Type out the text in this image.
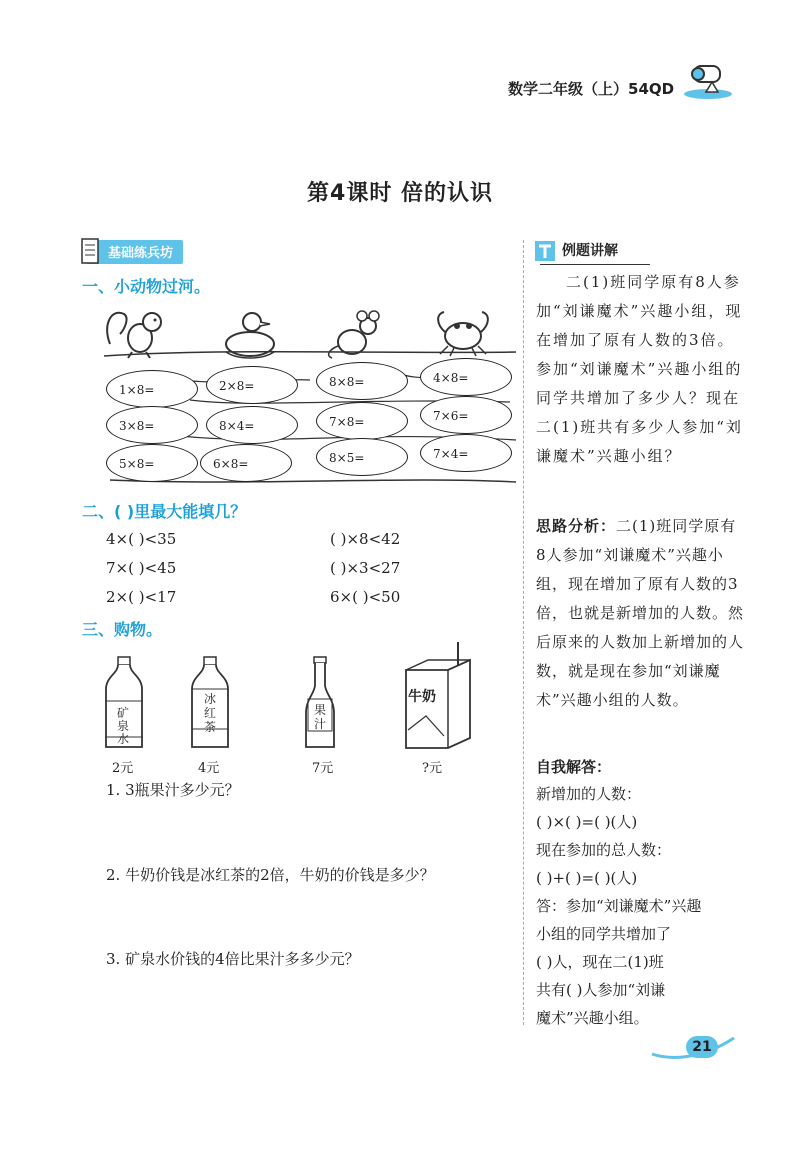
数学二年级（上）54QD
第4课时 倍的认识
基础练兵坊
一、小动物过河。
1×8=	2×8=	8×8=	4×8=
3×8=	8×4=	7×8=	7×6=
5×8=	6×8=	8×5=	7×4=
二、( )里最大能填几？
4×( )<35	( )×8<42
7×( )<45	( )×3<27
2×( )<17	6×( )<50
三、购物。
矿泉水
2元
冰红茶
4元
果汁
7元
牛奶
?元
1. 3瓶果汁多少元？
2. 牛奶价钱是冰红茶的2倍，牛奶的价钱是多少？
3. 矿泉水价钱的4倍比果汁多多少元？
例题讲解
二(1)班同学原有8人参加“刘谦魔术”兴趣小组，现在增加了原有人数的3倍。参加“刘谦魔术”兴趣小组的同学共增加了多少人？现在二(1)班共有多少人参加“刘谦魔术”兴趣小组？
思路分析：二(1)班同学原有8人参加“刘谦魔术”兴趣小组，现在增加了原有人数的3倍，也就是新增加的人数。然后原来的人数加上新增加的人数，就是现在参加“刘谦魔术”兴趣小组的人数。
自我解答：
新增加的人数：
( )×( )=( )(人)
现在参加的总人数：
( )+( )=( )(人)
答：参加“刘谦魔术”兴趣
小组的同学共增加了
( )人，现在二(1)班
共有( )人参加“刘谦
魔术”兴趣小组。
21
